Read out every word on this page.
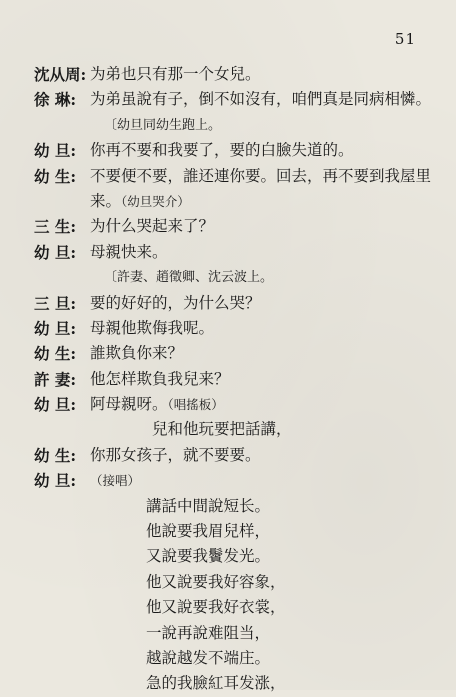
51
沈从周: 为弟也只有那一个女兒。
徐 琳: 为弟虽說有子，倒不如沒有，咱們真是同病相憐。
〔幼旦同幼生跑上。
幼 旦: 你再不要和我要了，要的白臉失道的。
幼 生: 不要便不要，誰还連你要。回去，再不要到我屋里
来。（幼旦哭介）
三 生: 为什么哭起来了？
幼 旦: 母親快来。
〔許妻、趙徵卿、沈云波上。
三 旦: 要的好好的，为什么哭？
幼 旦: 母親他欺侮我呢。
幼 生: 誰欺負你来？
許 妻: 他怎样欺負我兒来？
幼 旦: 阿母親呀。（唱搖板）
兒和他玩要把話講，
幼 生: 你那女孩子，就不要要。
幼 旦: （接唱）
講話中間說短长。
他說要我眉兒样，
又說要我鬢发光。
他又說要我好容象，
他又說要我好衣裳，
一說再說难阻当，
越說越发不端庄。
急的我臉紅耳发涨，
